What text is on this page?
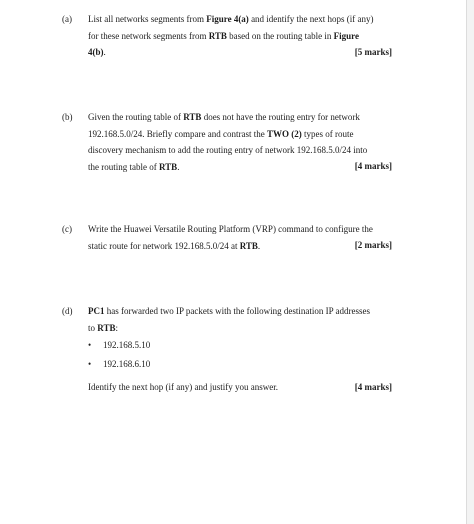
(a) List all networks segments from Figure 4(a) and identify the next hops (if any)
for these network segments from RTB based on the routing table in Figure
4(b).	[5 marks]
(b) Given the routing table of RTB does not have the routing entry for network
192.168.5.0/24. Briefly compare and contrast the TWO (2) types of route
discovery mechanism to add the routing entry of network 192.168.5.0/24 into
the routing table of RTB.	[4 marks]
(c) Write the Huawei Versatile Routing Platform (VRP) command to configure the
static route for network 192.168.5.0/24 at RTB.	[2 marks]
(d) PC1 has forwarded two IP packets with the following destination IP addresses
to RTB:
• 192.168.5.10
• 192.168.6.10
Identify the next hop (if any) and justify you answer.	[4 marks]
